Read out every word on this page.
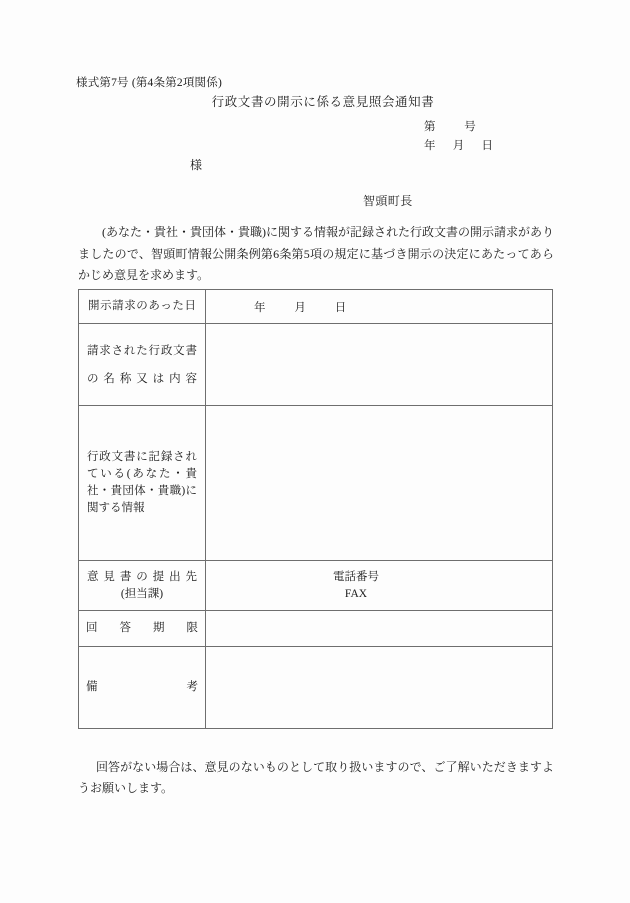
様式第7号 (第4条第2項関係)
行政文書の開示に係る意見照会通知書
第          号
年      月      日
様
智頭町長
(あなた・貴社・貴団体・貴職)に関する情報が記録された行政文書の開示請求がありましたので、智頭町情報公開条例第6条第5項の規定に基づき開示の決定にあたってあらかじめ意見を求めます。
開示請求のあった日	年         月         日

請求された行政文書
の名称又は内容	

行政文書に記録され
ている(あなた・貴
社・貴団体・貴職)に
関する情報	

意見書の提出先
(担当課)	電話番号
FAX

回答期限	

備考	

回答がない場合は、意見のないものとして取り扱いますので、ご了解いただきますようお願いします。
